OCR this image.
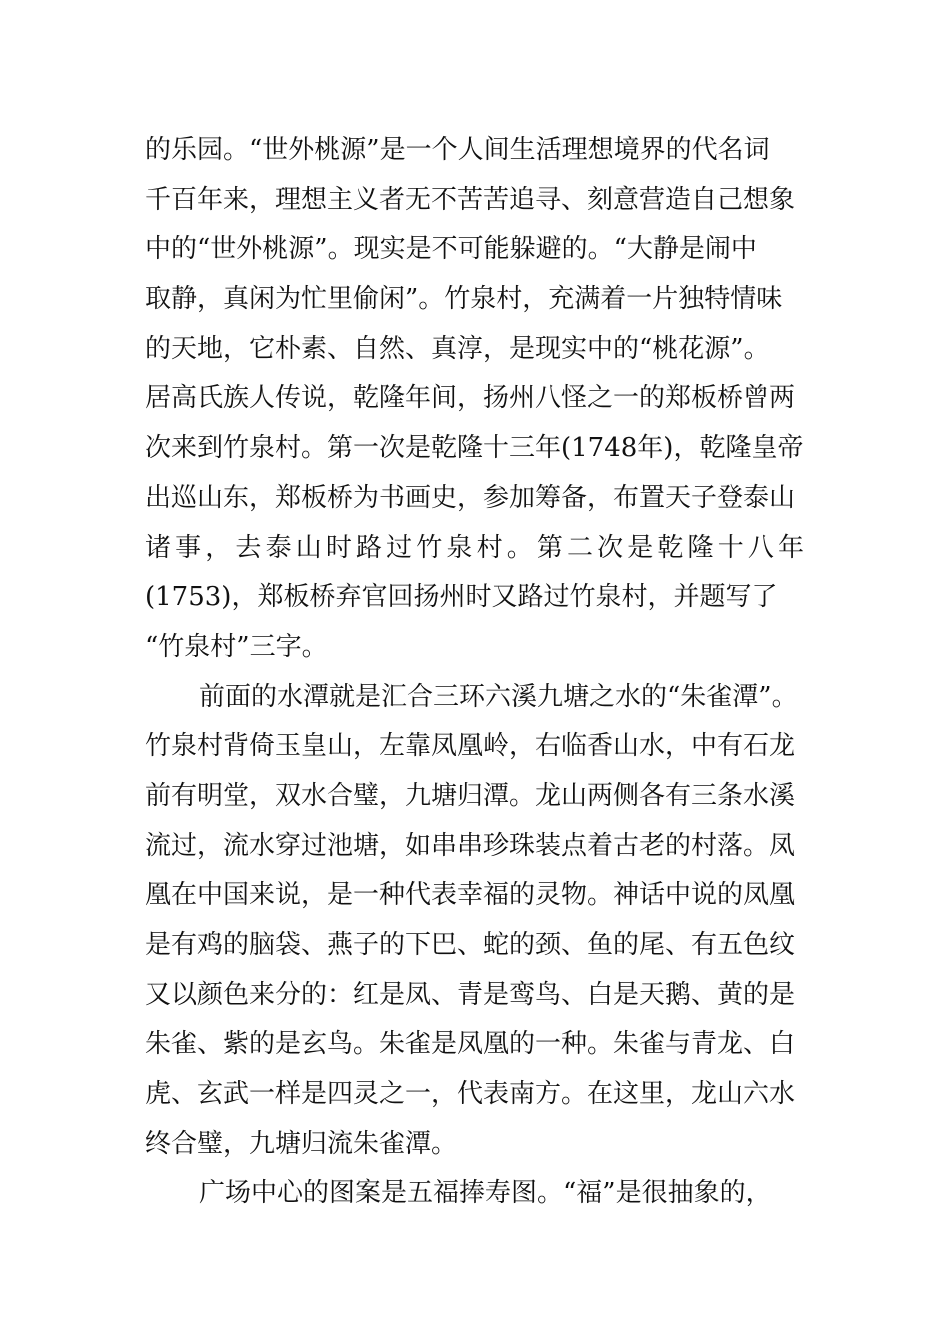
的乐园。“世外桃源”是一个人间生活理想境界的代名词
千百年来，理想主义者无不苦苦追寻、刻意营造自己想象
中的“世外桃源”。现实是不可能躲避的。“大静是闹中
取静，真闲为忙里偷闲”。竹泉村，充满着一片独特情味
的天地，它朴素、自然、真淳，是现实中的“桃花源”。
居高氏族人传说，乾隆年间，扬州八怪之一的郑板桥曾两
次来到竹泉村。第一次是乾隆十三年(1748年)，乾隆皇帝
出巡山东，郑板桥为书画史，参加筹备，布置天子登泰山
诸事，去泰山时路过竹泉村。第二次是乾隆十八年
(1753)，郑板桥弃官回扬州时又路过竹泉村，并题写了
“竹泉村”三字。
前面的水潭就是汇合三环六溪九塘之水的“朱雀潭”。
竹泉村背倚玉皇山，左靠凤凰岭，右临香山水，中有石龙
前有明堂，双水合璧，九塘归潭。龙山两侧各有三条水溪
流过，流水穿过池塘，如串串珍珠装点着古老的村落。凤
凰在中国来说，是一种代表幸福的灵物。神话中说的凤凰
是有鸡的脑袋、燕子的下巴、蛇的颈、鱼的尾、有五色纹
又以颜色来分的：红是凤、青是鸾鸟、白是天鹅、黄的是
朱雀、紫的是玄鸟。朱雀是凤凰的一种。朱雀与青龙、白
虎、玄武一样是四灵之一，代表南方。在这里，龙山六水
终合璧，九塘归流朱雀潭。
广场中心的图案是五福捧寿图。“福”是很抽象的，
